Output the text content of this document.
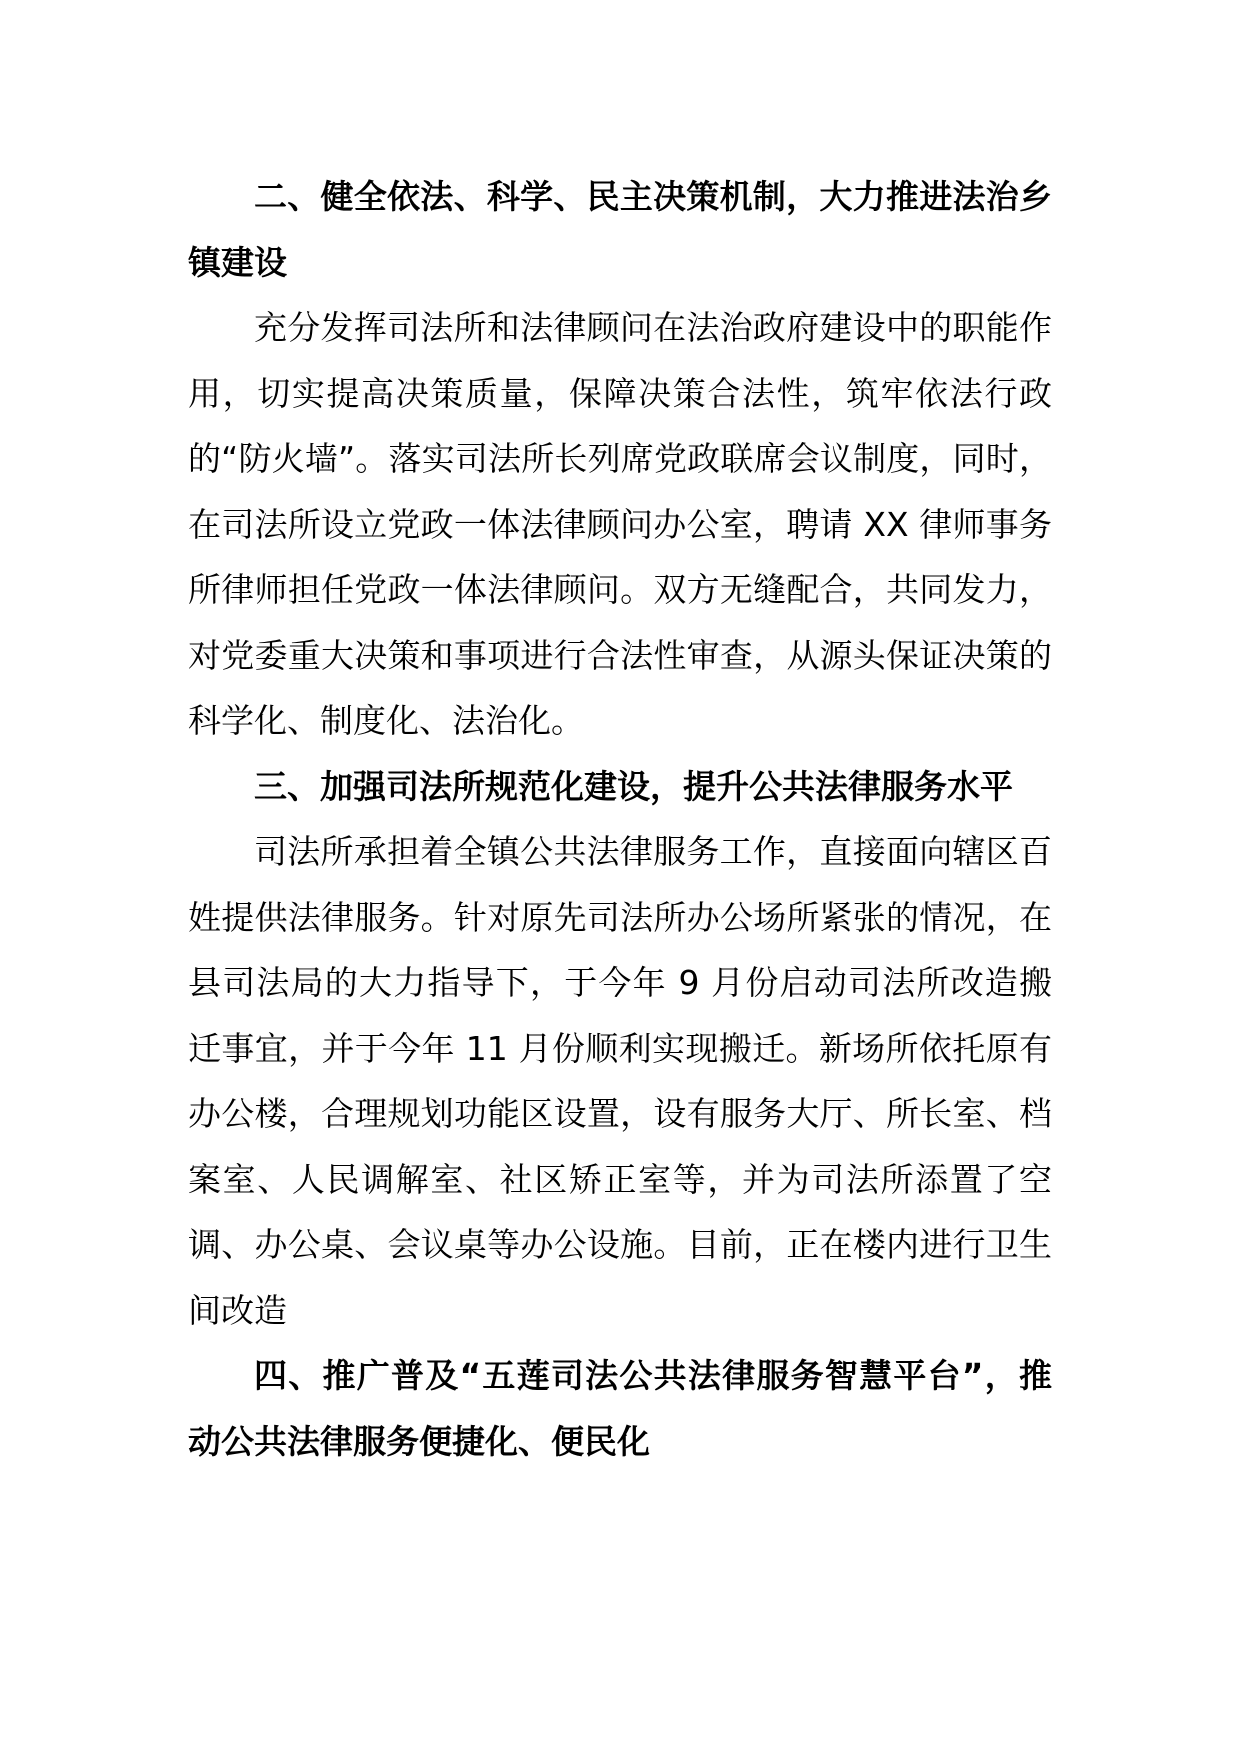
二、健全依法、科学、民主决策机制，大力推进法治乡镇建设

充分发挥司法所和法律顾问在法治政府建设中的职能作用，切实提高决策质量，保障决策合法性，筑牢依法行政的“防火墙”。落实司法所长列席党政联席会议制度，同时，在司法所设立党政一体法律顾问办公室，聘请 XX 律师事务所律师担任党政一体法律顾问。双方无缝配合，共同发力，对党委重大决策和事项进行合法性审查，从源头保证决策的科学化、制度化、法治化。

三、加强司法所规范化建设，提升公共法律服务水平

司法所承担着全镇公共法律服务工作，直接面向辖区百姓提供法律服务。针对原先司法所办公场所紧张的情况，在县司法局的大力指导下，于今年 9 月份启动司法所改造搬迁事宜，并于今年 11 月份顺利实现搬迁。新场所依托原有办公楼，合理规划功能区设置，设有服务大厅、所长室、档案室、人民调解室、社区矫正室等，并为司法所添置了空调、办公桌、会议桌等办公设施。目前，正在楼内进行卫生间改造

四、推广普及“五莲司法公共法律服务智慧平台”，推动公共法律服务便捷化、便民化
